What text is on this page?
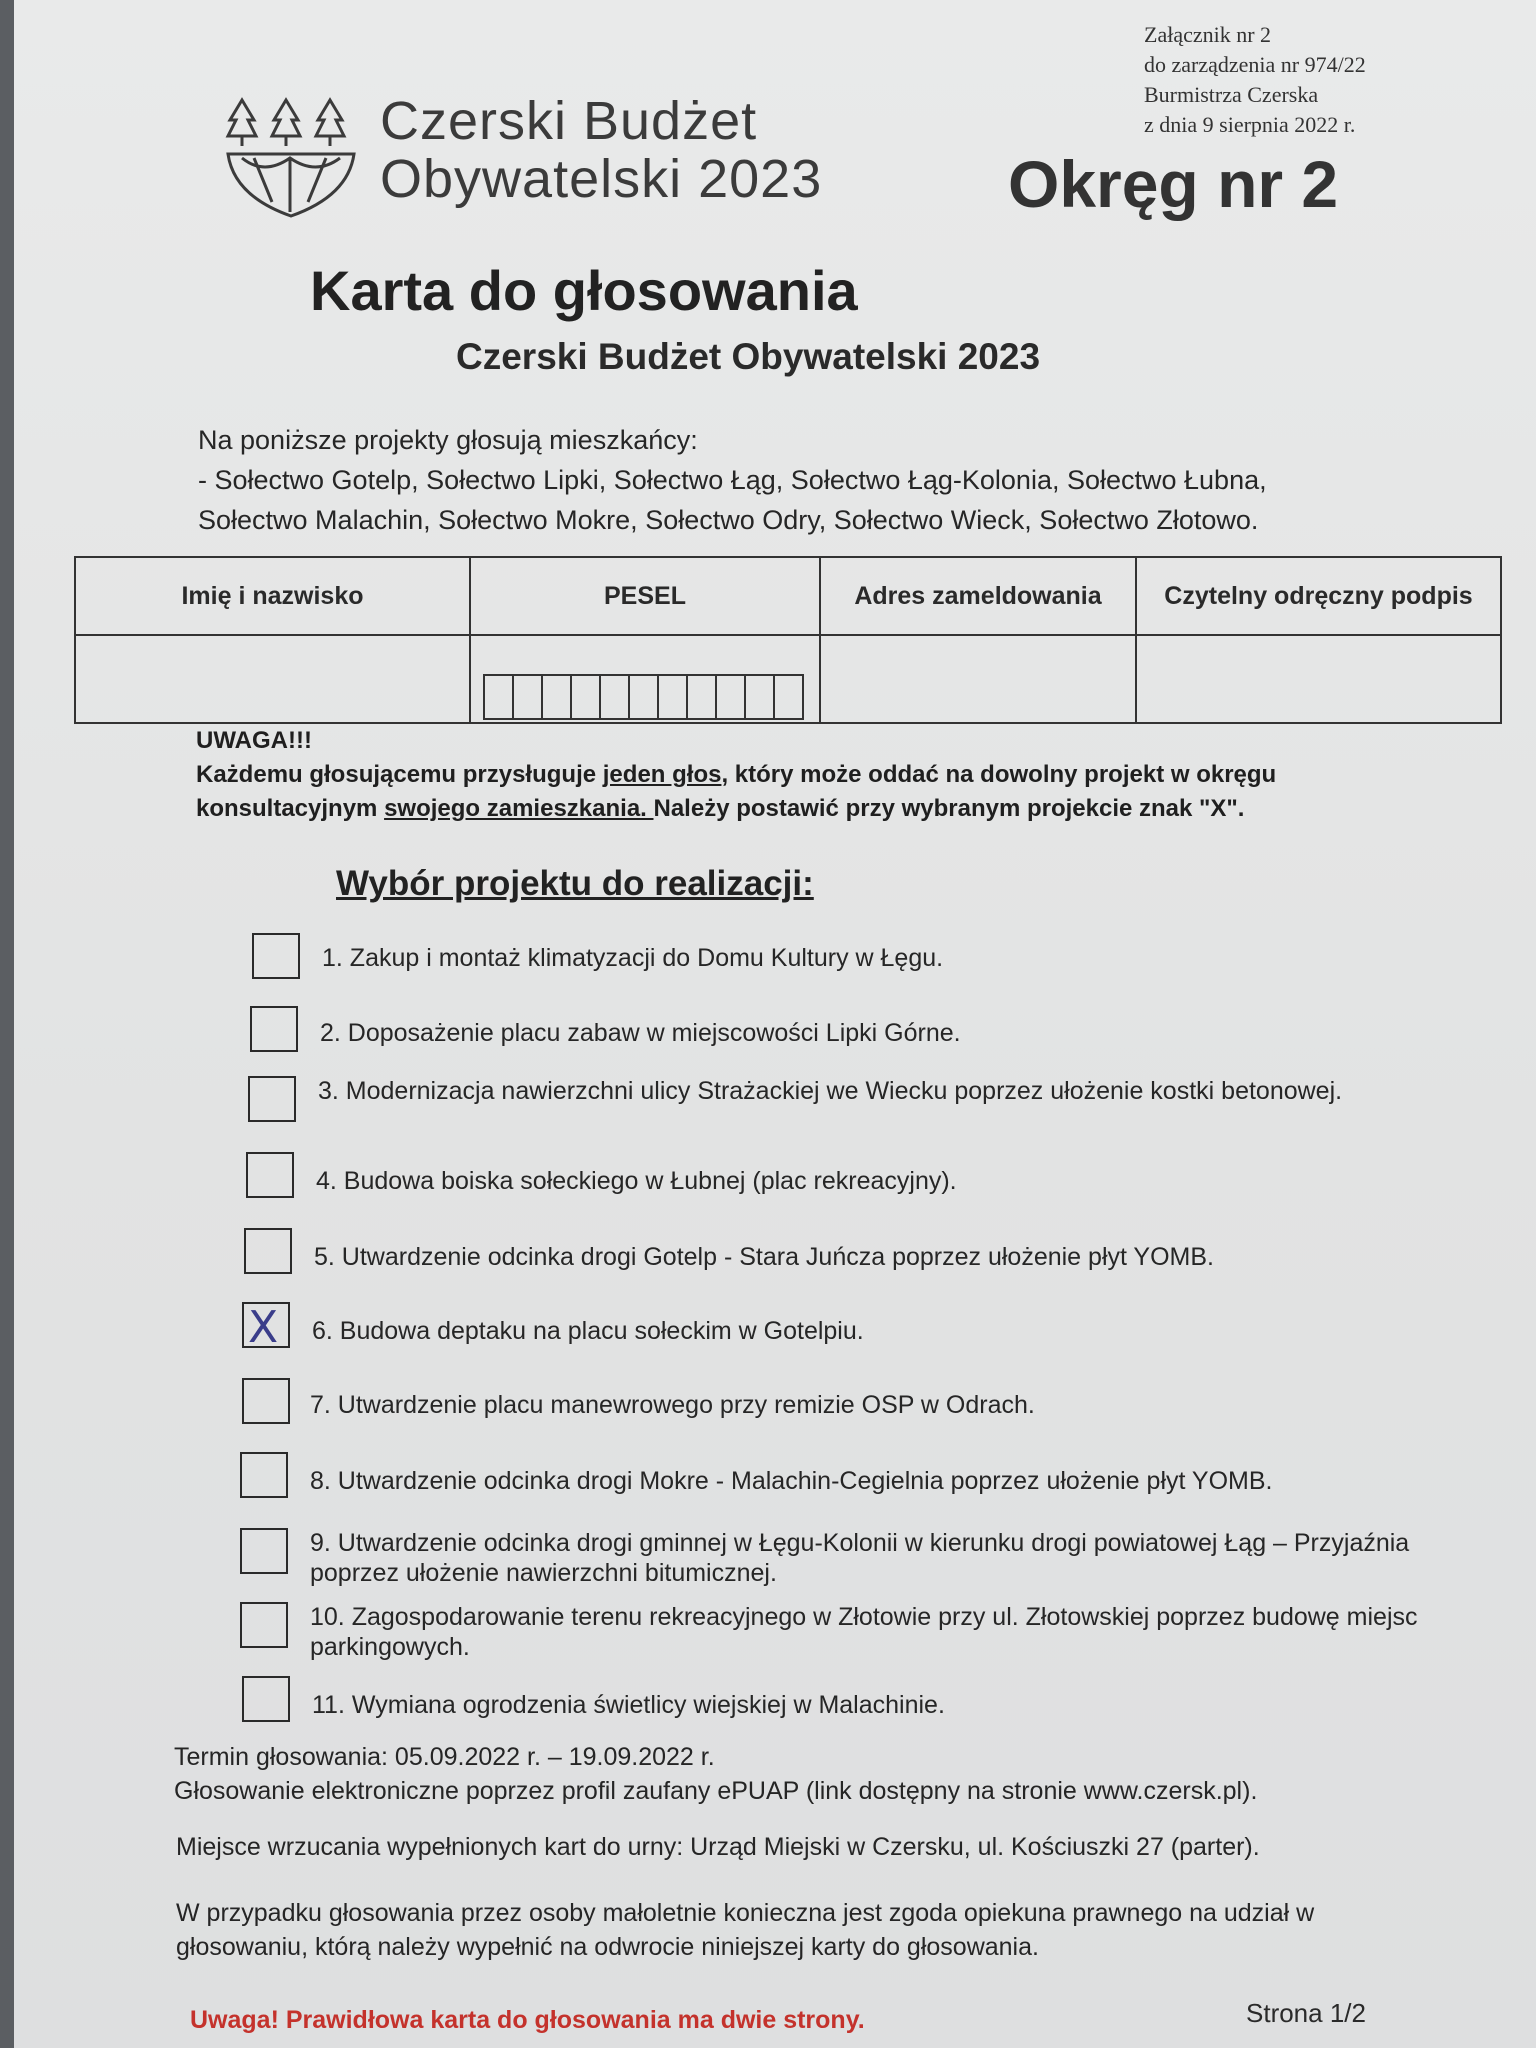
Załącznik nr 2
do zarządzenia nr 974/22
Burmistrza Czerska
z dnia 9 sierpnia 2022 r.
Czerski Budżet
Obywatelski 2023	Okręg nr 2
Karta do głosowania
Czerski Budżet Obywatelski 2023
Na poniższe projekty głosują mieszkańcy:
- Sołectwo Gotelp, Sołectwo Lipki, Sołectwo Łąg, Sołectwo Łąg-Kolonia, Sołectwo Łubna,
Sołectwo Malachin, Sołectwo Mokre, Sołectwo Odry, Sołectwo Wieck, Sołectwo Złotowo.
Imię i nazwisko	PESEL	Adres zameldowania	Czytelny odręczny podpis

UWAGA!!!
Każdemu głosującemu przysługuje jeden głos, który może oddać na dowolny projekt w okręgu
konsultacyjnym swojego zamieszkania. Należy postawić przy wybranym projekcie znak "X".
Wybór projektu do realizacji:
1. Zakup i montaż klimatyzacji do Domu Kultury w Łęgu.
2. Doposażenie placu zabaw w miejscowości Lipki Górne.
3. Modernizacja nawierzchni ulicy Strażackiej we Wiecku poprzez ułożenie kostki betonowej.
4. Budowa boiska sołeckiego w Łubnej (plac rekreacyjny).
5. Utwardzenie odcinka drogi Gotelp - Stara Juńcza poprzez ułożenie płyt YOMB.
X 6. Budowa deptaku na placu sołeckim w Gotelpiu.
7. Utwardzenie placu manewrowego przy remizie OSP w Odrach.
8. Utwardzenie odcinka drogi Mokre - Malachin-Cegielnia poprzez ułożenie płyt YOMB.
9. Utwardzenie odcinka drogi gminnej w Łęgu-Kolonii w kierunku drogi powiatowej Łąg – Przyjaźnia poprzez ułożenie nawierzchni bitumicznej.
10. Zagospodarowanie terenu rekreacyjnego w Złotowie przy ul. Złotowskiej poprzez budowę miejsc parkingowych.
11. Wymiana ogrodzenia świetlicy wiejskiej w Malachinie.
Termin głosowania: 05.09.2022 r. – 19.09.2022 r.
Głosowanie elektroniczne poprzez profil zaufany ePUAP (link dostępny na stronie www.czersk.pl).
Miejsce wrzucania wypełnionych kart do urny: Urząd Miejski w Czersku, ul. Kościuszki 27 (parter).
W przypadku głosowania przez osoby małoletnie konieczna jest zgoda opiekuna prawnego na udział w
głosowaniu, którą należy wypełnić na odwrocie niniejszej karty do głosowania.
Uwaga! Prawidłowa karta do głosowania ma dwie strony.	Strona 1/2
